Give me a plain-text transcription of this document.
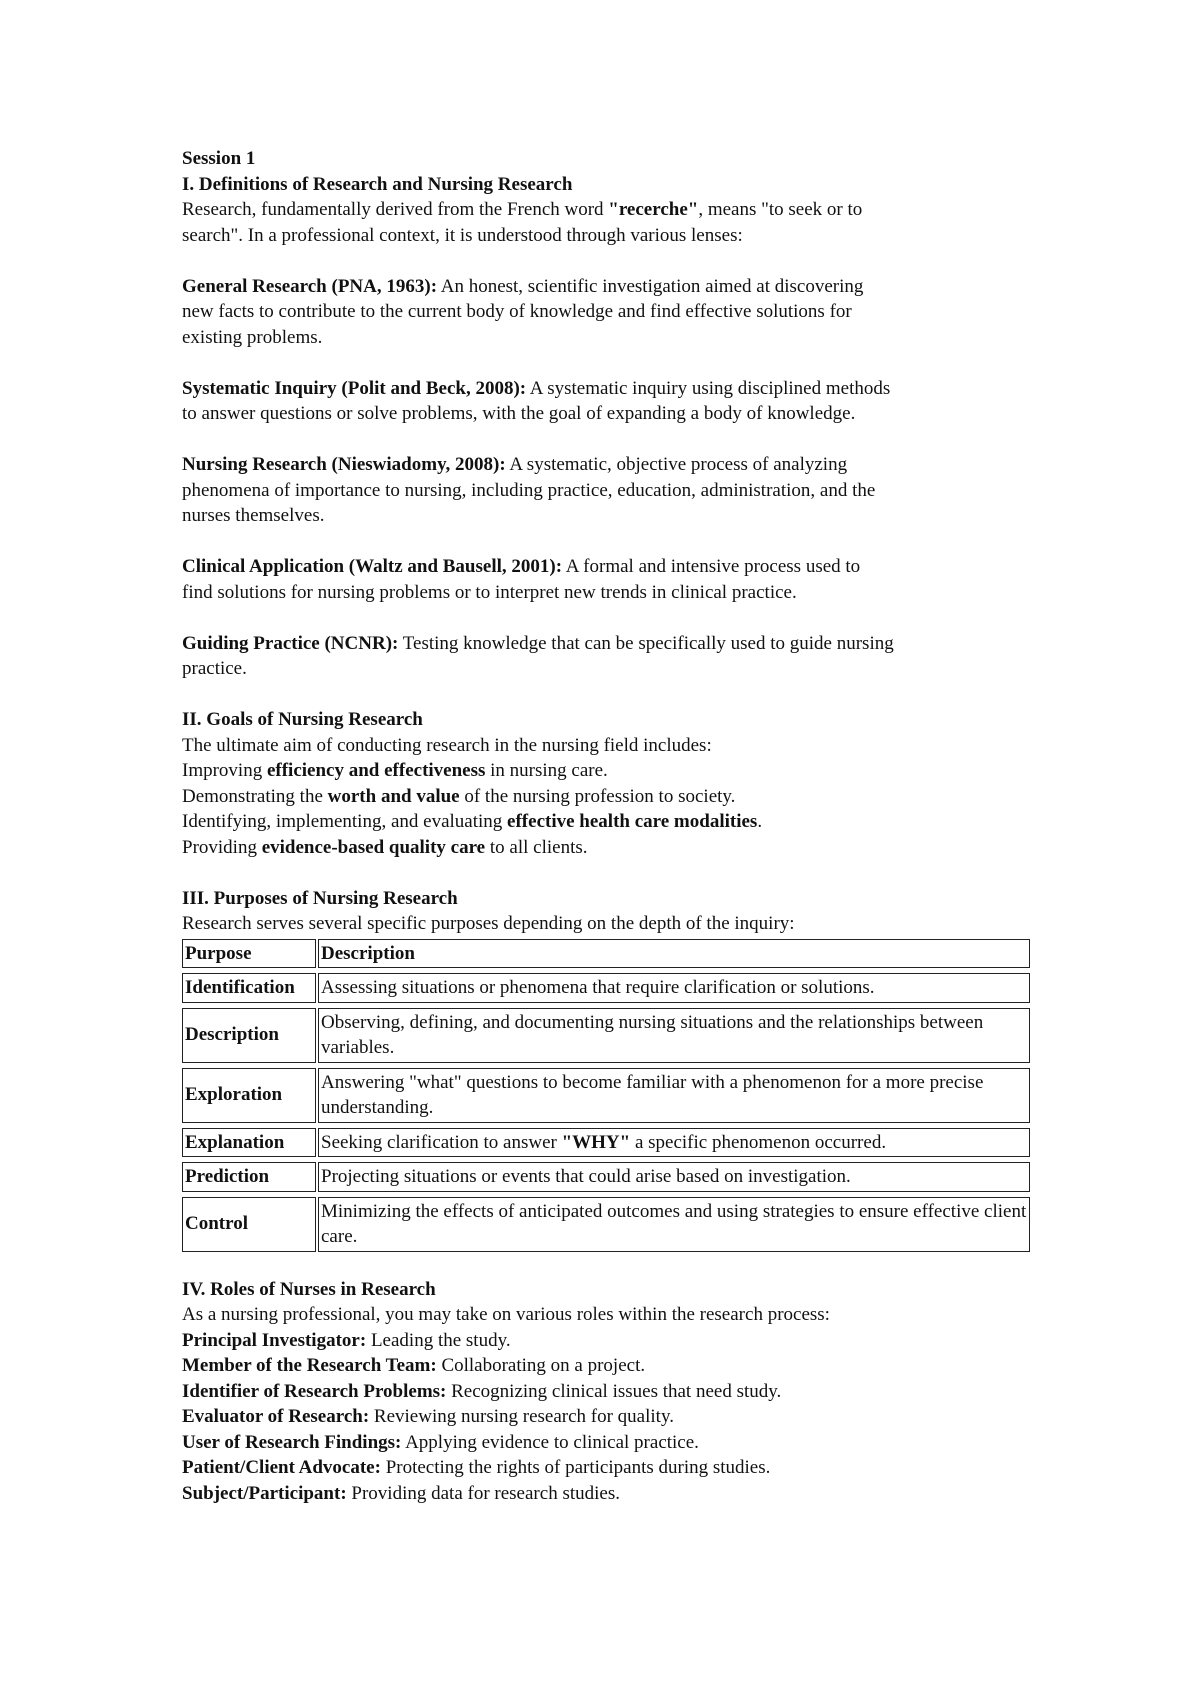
Session 1

I. Definitions of Research and Nursing Research

Research, fundamentally derived from the French word "recerche", means "to seek or to

search". In a professional context, it is understood through various lenses:

General Research (PNA, 1963): An honest, scientific investigation aimed at discovering

new facts to contribute to the current body of knowledge and find effective solutions for

existing problems.

Systematic Inquiry (Polit and Beck, 2008): A systematic inquiry using disciplined methods

to answer questions or solve problems, with the goal of expanding a body of knowledge.

Nursing Research (Nieswiadomy, 2008): A systematic, objective process of analyzing

phenomena of importance to nursing, including practice, education, administration, and the

nurses themselves.

Clinical Application (Waltz and Bausell, 2001): A formal and intensive process used to

find solutions for nursing problems or to interpret new trends in clinical practice.

Guiding Practice (NCNR): Testing knowledge that can be specifically used to guide nursing

practice.

II. Goals of Nursing Research

The ultimate aim of conducting research in the nursing field includes:

Improving efficiency and effectiveness in nursing care.

Demonstrating the worth and value of the nursing profession to society.

Identifying, implementing, and evaluating effective health care modalities.

Providing evidence-based quality care to all clients.

III. Purposes of Nursing Research

Research serves several specific purposes depending on the depth of the inquiry:

Purpose	Description
Identification	Assessing situations or phenomena that require clarification or solutions.
Description	Observing, defining, and documenting nursing situations and the relationships between variables.
Exploration	Answering "what" questions to become familiar with a phenomenon for a more precise understanding.
Explanation	Seeking clarification to answer "WHY" a specific phenomenon occurred.
Prediction	Projecting situations or events that could arise based on investigation.
Control	Minimizing the effects of anticipated outcomes and using strategies to ensure effective client care.

IV. Roles of Nurses in Research

As a nursing professional, you may take on various roles within the research process:

Principal Investigator: Leading the study.

Member of the Research Team: Collaborating on a project.

Identifier of Research Problems: Recognizing clinical issues that need study.

Evaluator of Research: Reviewing nursing research for quality.

User of Research Findings: Applying evidence to clinical practice.

Patient/Client Advocate: Protecting the rights of participants during studies.

Subject/Participant: Providing data for research studies.
